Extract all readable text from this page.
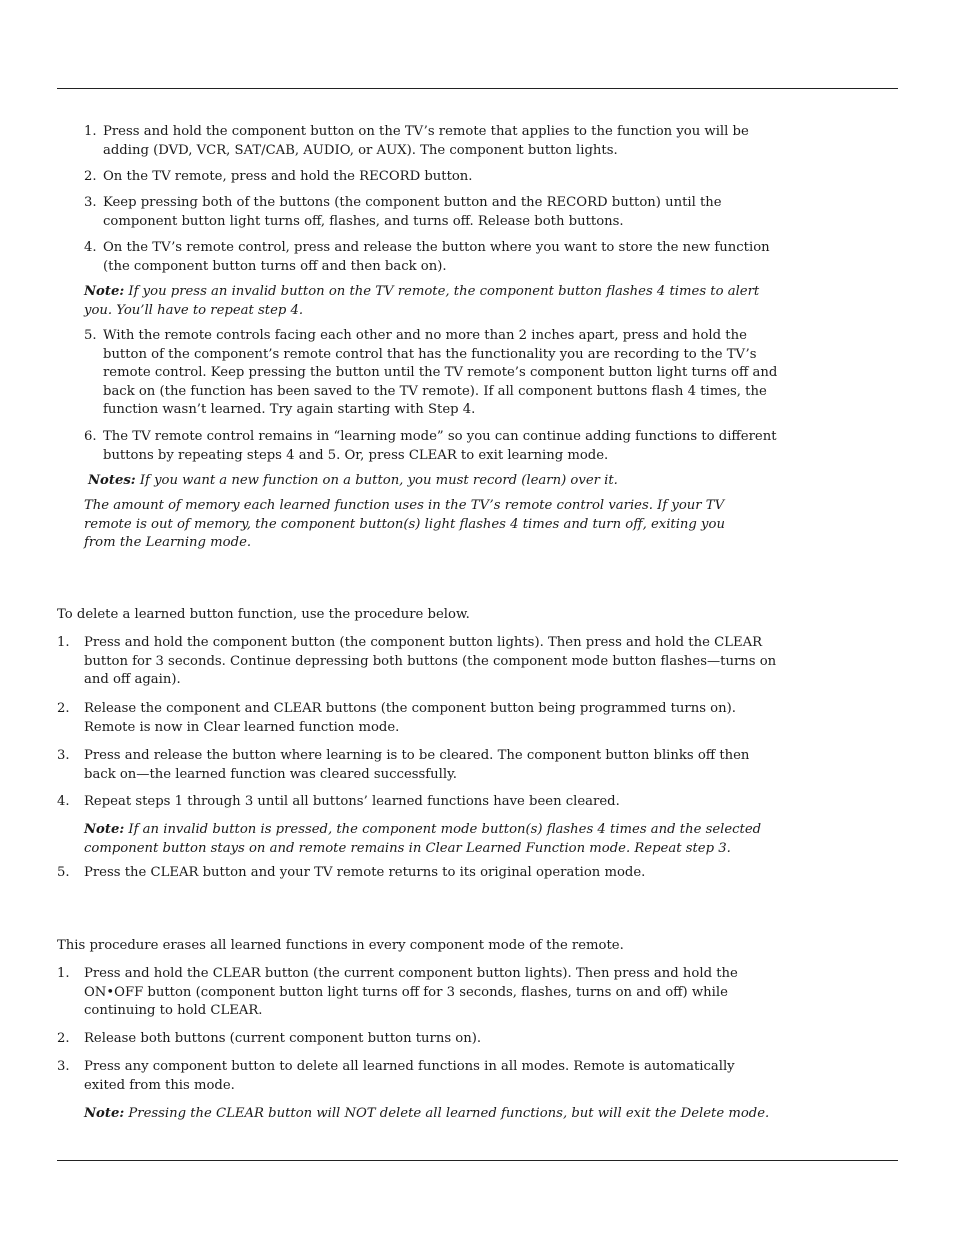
1. Press and hold the component button on the TV’s remote that applies to the function you will be adding (DVD, VCR, SAT/CAB, AUDIO, or AUX). The component button lights.
2. On the TV remote, press and hold the RECORD button.
3. Keep pressing both of the buttons (the component button and the RECORD button) until the component button light turns off, flashes, and turns off. Release both buttons.
4. On the TV’s remote control, press and release the button where you want to store the new function (the component button turns off and then back on).
Note: If you press an invalid button on the TV remote, the component button flashes 4 times to alert you. You’ll have to repeat step 4.
5. With the remote controls facing each other and no more than 2 inches apart, press and hold the button of the component’s remote control that has the functionality you are recording to the TV’s remote control. Keep pressing the button until the TV remote’s component button light turns off and back on (the function has been saved to the TV remote). If all component buttons flash 4 times, the function wasn’t learned. Try again starting with Step 4.
6. The TV remote control remains in “learning mode” so you can continue adding functions to different buttons by repeating steps 4 and 5. Or, press CLEAR to exit learning mode.
Notes: If you want a new function on a button, you must record (learn) over it.
The amount of memory each learned function uses in the TV’s remote control varies. If your TV remote is out of memory, the component button(s) light flashes 4 times and turn off, exiting you from the Learning mode.
To delete a learned button function, use the procedure below.
1.	Press and hold the component button (the component button lights). Then press and hold the CLEAR button for 3 seconds. Continue depressing both buttons (the component mode button flashes—turns on and off again).
2.	Release the component and CLEAR buttons (the component button being programmed turns on). Remote is now in Clear learned function mode.
3.	Press and release the button where learning is to be cleared. The component button blinks off then back on—the learned function was cleared successfully.
4.	Repeat steps 1 through 3 until all buttons’ learned functions have been cleared.
Note: If an invalid button is pressed, the component mode button(s) flashes 4 times and the selected component button stays on and remote remains in Clear Learned Function mode. Repeat step 3.
5.	Press the CLEAR button and your TV remote returns to its original operation mode.
This procedure erases all learned functions in every component mode of the remote.
1.	Press and hold the CLEAR button (the current component button lights). Then press and hold the ON•OFF button (component button light turns off for 3 seconds, flashes, turns on and off) while continuing to hold CLEAR.
2.	Release both buttons (current component button turns on).
3.	Press any component button to delete all learned functions in all modes. Remote is automatically exited from this mode.
Note: Pressing the CLEAR button will NOT delete all learned functions, but will exit the Delete mode.
